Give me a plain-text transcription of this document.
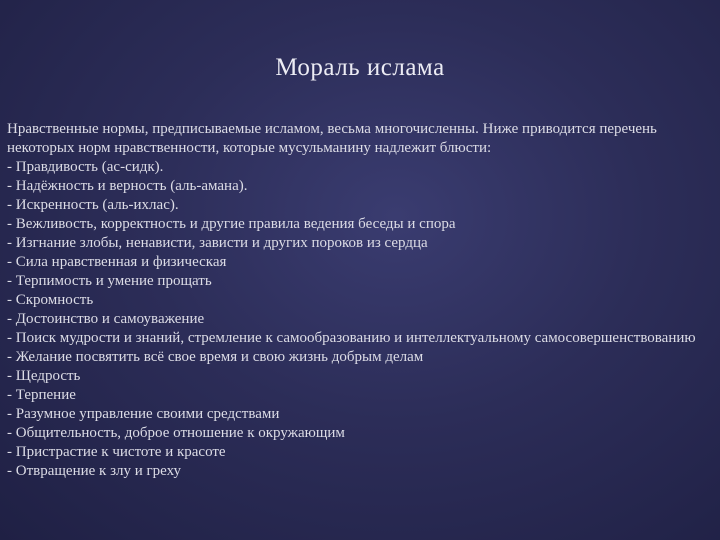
Мораль ислама

Нравственные нормы, предписываемые исламом, весьма многочисленны. Ниже приводится перечень некоторых норм нравственности, которые мусульманину надлежит блюсти:

- Правдивость (ас-сидк).
- Надёжность и верность (аль-амана).
- Искренность (аль-ихлас).
- Вежливость, корректность и другие правила ведения беседы и спора
- Изгнание злобы, ненависти, зависти и других пороков из сердца
- Сила нравственная и физическая
- Терпимость и умение прощать
- Скромность
- Достоинство и самоуважение
- Поиск мудрости и знаний, стремление к самообразованию и интеллектуальному самосовершенствованию
- Желание посвятить всё свое время и свою жизнь добрым делам
- Щедрость
- Терпение
- Разумное управление своими средствами
- Общительность, доброе отношение к окружающим
- Пристрастие к чистоте и красоте
- Отвращение к злу и греху
